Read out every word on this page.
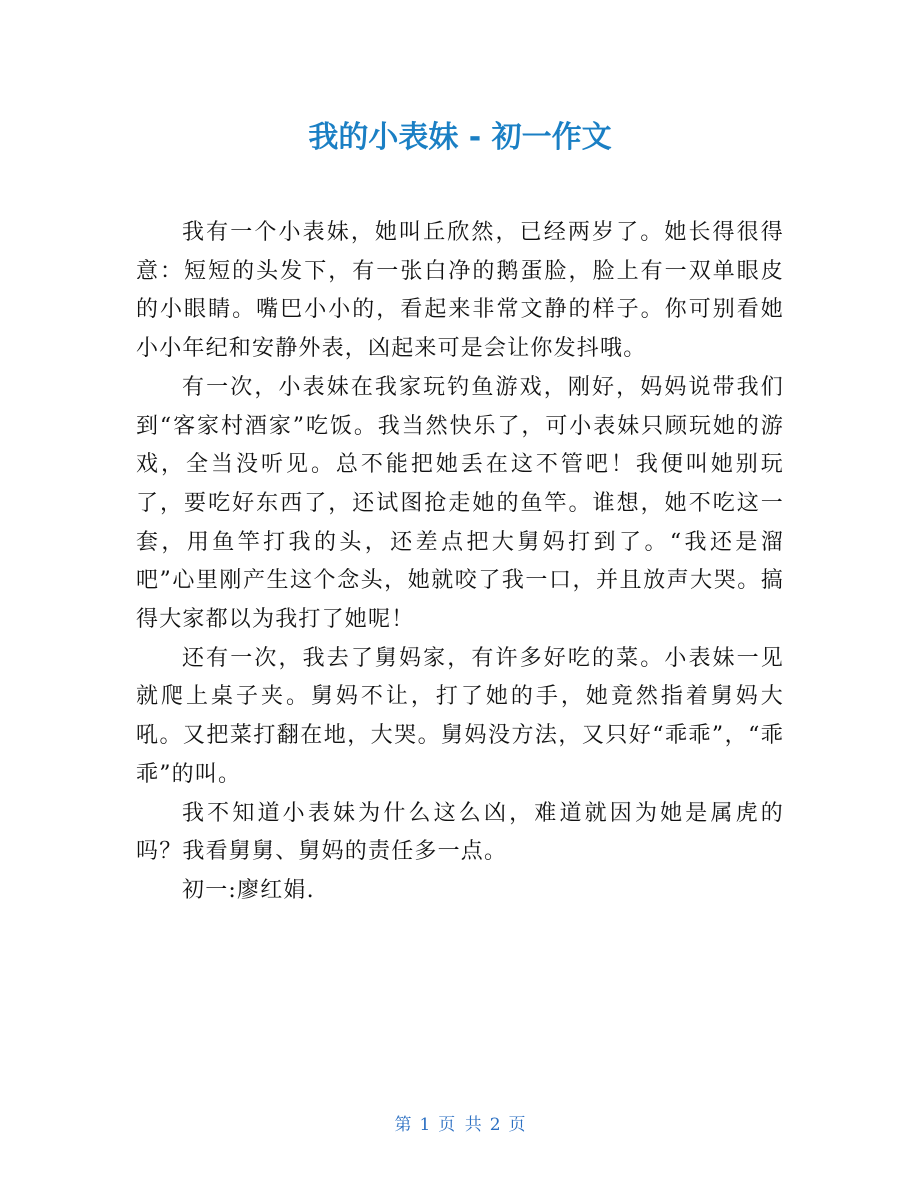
我的小表妹 - 初一作文

我有一个小表妹，她叫丘欣然，已经两岁了。她长得很得意：短短的头发下，有一张白净的鹅蛋脸，脸上有一双单眼皮的小眼睛。嘴巴小小的，看起来非常文静的样子。你可别看她小小年纪和安静外表，凶起来可是会让你发抖哦。

有一次，小表妹在我家玩钓鱼游戏，刚好，妈妈说带我们到“客家村酒家”吃饭。我当然快乐了，可小表妹只顾玩她的游戏，全当没听见。总不能把她丢在这不管吧！我便叫她别玩了，要吃好东西了，还试图抢走她的鱼竿。谁想，她不吃这一套，用鱼竿打我的头，还差点把大舅妈打到了。“我还是溜吧”心里刚产生这个念头，她就咬了我一口，并且放声大哭。搞得大家都以为我打了她呢！

还有一次，我去了舅妈家，有许多好吃的菜。小表妹一见就爬上桌子夹。舅妈不让，打了她的手，她竟然指着舅妈大吼。又把菜打翻在地，大哭。舅妈没方法，又只好“乖乖”，“乖乖”的叫。

我不知道小表妹为什么这么凶，难道就因为她是属虎的吗？我看舅舅、舅妈的责任多一点。

初一:廖红娟.

第 1 页 共 2 页
